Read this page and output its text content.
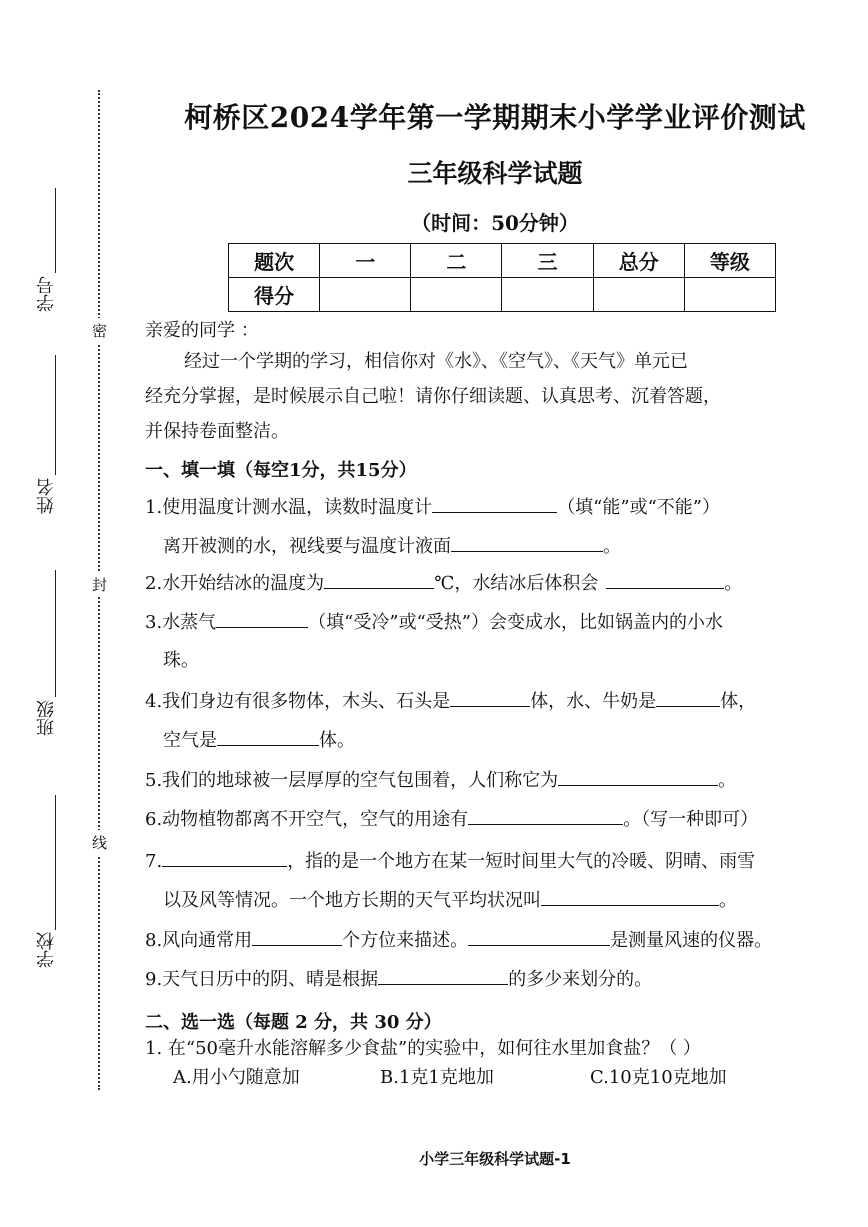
学号
姓名
班级
学校
密
封
线
柯桥区2024学年第一学期期末小学学业评价测试
三年级科学试题
（时间：50分钟）
题次	一	二	三	总分	等级
得分					
亲爱的同学 ：
经过一个学期的学习，相信你对《水》、《空气》、《天气》单元已
经充分掌握，是时候展示自己啦！请你仔细读题、认真思考、沉着答题，
并保持卷面整洁。
一、填一填（每空1分，共15分）
1.使用温度计测水温，读数时温度计	（填“能”或“不能”）
离开被测的水，视线要与温度计液面	。
2.水开始结冰的温度为	℃，水结冰后体积会	。
3.水蒸气	（填“受冷”或“受热”）会变成水，比如锅盖内的小水
珠。
4.我们身边有很多物体，木头、石头是	体，水、牛奶是	体，
空气是	体。
5.我们的地球被一层厚厚的空气包围着，人们称它为	。
6.动物植物都离不开空气，空气的用途有	。（写一种即可）
7.	，指的是一个地方在某一短时间里大气的冷暖、阴晴、雨雪
以及风等情况。一个地方长期的天气平均状况叫	。
8.风向通常用	个方位来描述。	是测量风速的仪器。
9.天气日历中的阴、晴是根据	的多少来划分的。
二、选一选（每题 2 分，共 30 分）
1. 在“50毫升水能溶解多少食盐”的实验中，如何往水里加食盐？（ ）
A.用小勺随意加	B.1克1克地加	C.10克10克地加
小学三年级科学试题-1
